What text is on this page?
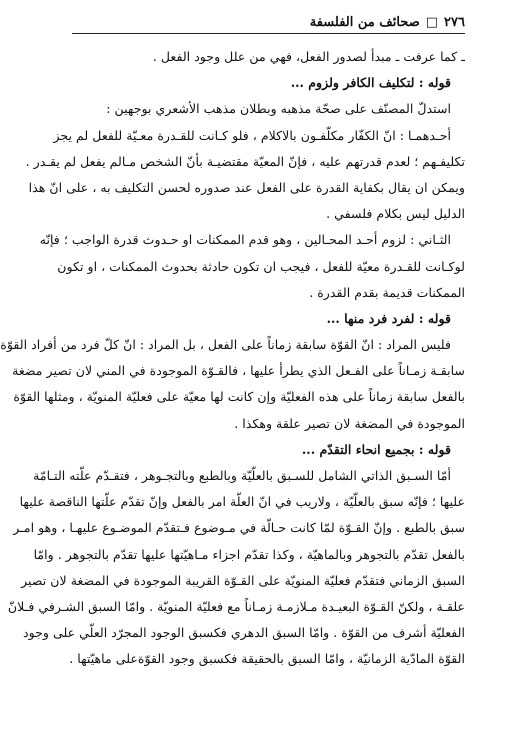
٢٧٦
□
صحائف من الفلسفة
ـ كما عرفت ـ مبدأ لصدور الفعل، فهي من علل وجود الفعل .
قوله : لتكليف الكافر ولزوم ...
استدلّ المصنّف على صحّة مذهبه وبطلان مذهب الأشعري بوجهين :
أحـدهمـا : انّ الكفّار مكلّفـون بالاكلام ، فلو كـانت للقـدرة معـيّة للفعل لم يجز
تكليفـهم ؛ لعدم قدرتهم عليه ، فإنّ المعيّة مقتضيـة بأنّ الشخص مـالم يفعل لم يقـدر .
ويمكن ان يقال بكفاية القدرة على الفعل عند صدوره لحسن التكليف به ، على انّ هذا
الدليل ليس بكلام فلسفي .
الثـاني : لزوم أحـد المحـالين ، وهو قدم الممكنات او حـدوث قدرة الواجب ؛ فإنّه
لوكـانت للقـدرة معيّة للفعل ، فيجب ان تكون حادثة بحدوث الممكنات ، او تكون
الممكنات قديمة بقدم القدرة .
قوله : لفرد فرد منها ...
فليس المراد : انّ القوّة سابقة زماناً على الفعل ، بل المراد : انّ كلّ فرد من أفراد القوّة
سابقـة زمـاناً على الفـعل الذي يطرأ عليها ، فالقـوّة الموجودة في المني لان تصير مضغة
بالفعل سابقة زماناً على هذه الفعليّة وإن كانت لها معيّة على فعليّة المنويّة ، ومثلها القوّة
الموجودة في المضغة لان تصير علقة وهكذا .
قوله : بجميع انحاء التقدّم ...
أمّا السـبق الذاتي الشامل للسـبق بالعلّيّة وبالطبع وبالتجـوهر ، فتقـدّم علّته التـامّة
عليها ؛ فإنّه سبق بالعلّيّة ، ولاريب في انّ العلّة امر بالفعل وإنّ تقدّم علّتها الناقصة عليها
سبق بالطبع . وإنّ القـوّة لمّا كانت حـالّة في مـوضوع فـتقدّم الموضـوع عليهـا ، وهو امـر
بالفعل تقدّم بالتجوهر وبالماهيّة ، وكذا تقدّم اجزاء مـاهيّتها عليها تقدّم بالتجوهر . وامّا
السبق الزماني فتقدّم فعليّة المنويّة على القـوّة القريبة الموجودة في المضغة لان تصير
علقـة ، ولكنّ القـوّة البعيـدة مـلازمـة زمـاناً مع فعليّة المنويّة . وامّا السبق الشـرفي فـلانّ
الفعليّة أشرف من القوّة . وامّا السبق الدهري فكسبق الوجود المجرّد العلّي على وجود
القوّة المادّية الزمانيّة ، وامّا السبق بالحقيقة فكسبق وجود القوّةعلى ماهيّتها .
